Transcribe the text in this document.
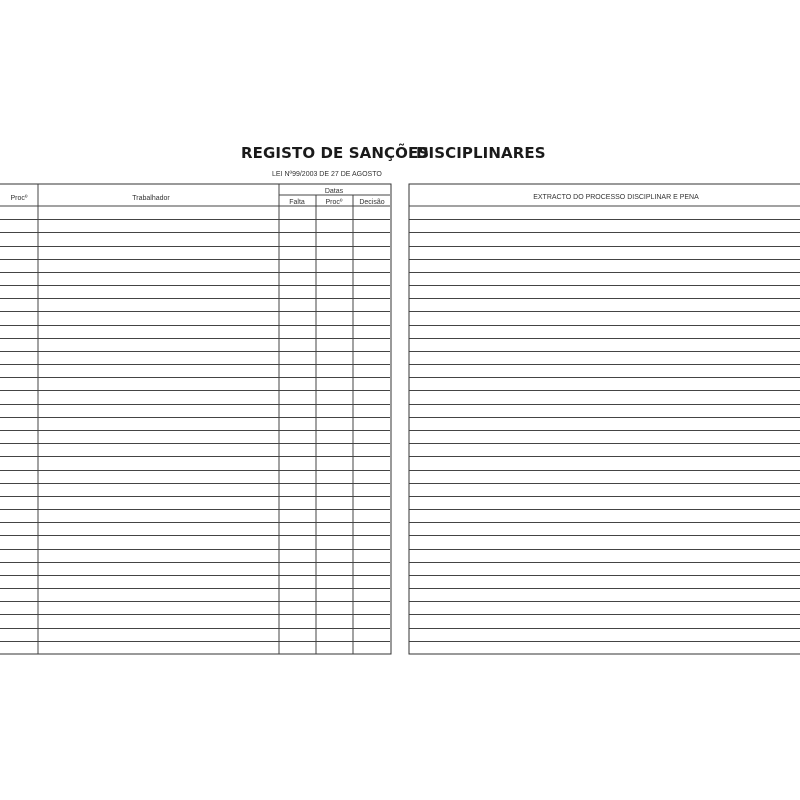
REGISTO DE SANÇÕES
DISCIPLINARES
LEI Nº99/2003 DE 27 DE AGOSTO
Procº	Trabalhador
Datas
Falta	Procº Decisão
EXTRACTO DO PROCESSO DISCIPLINAR E PENA
